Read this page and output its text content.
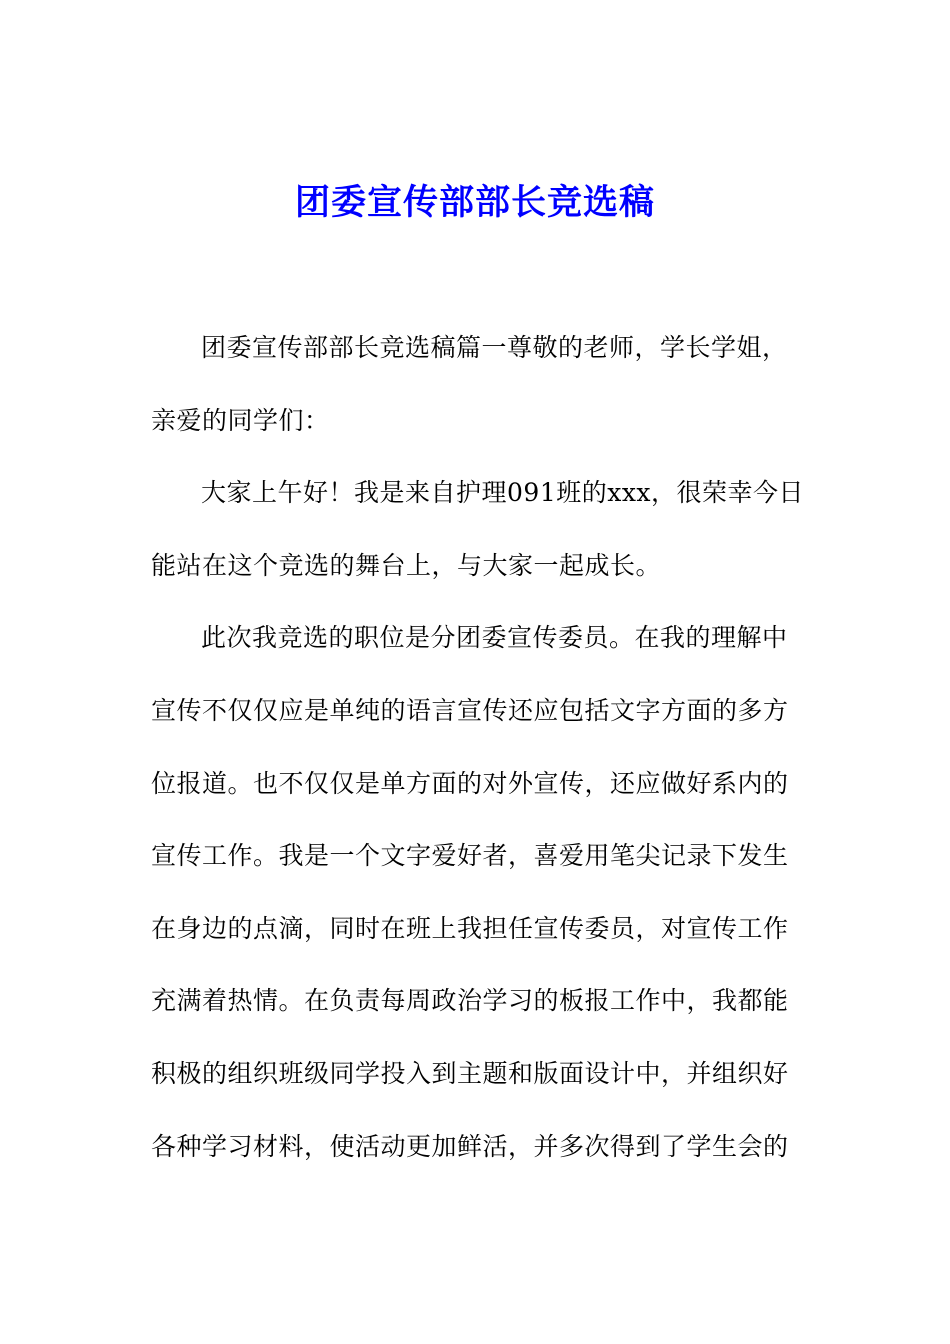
团委宣传部部长竞选稿
团委宣传部部长竞选稿篇一尊敬的老师，学长学姐，
亲爱的同学们：
大家上午好！我是来自护理091班的xxx，很荣幸今日
能站在这个竞选的舞台上，与大家一起成长。
此次我竞选的职位是分团委宣传委员。在我的理解中
宣传不仅仅应是单纯的语言宣传还应包括文字方面的多方
位报道。也不仅仅是单方面的对外宣传，还应做好系内的
宣传工作。我是一个文字爱好者，喜爱用笔尖记录下发生
在身边的点滴，同时在班上我担任宣传委员，对宣传工作
充满着热情。在负责每周政治学习的板报工作中，我都能
积极的组织班级同学投入到主题和版面设计中，并组织好
各种学习材料，使活动更加鲜活，并多次得到了学生会的
